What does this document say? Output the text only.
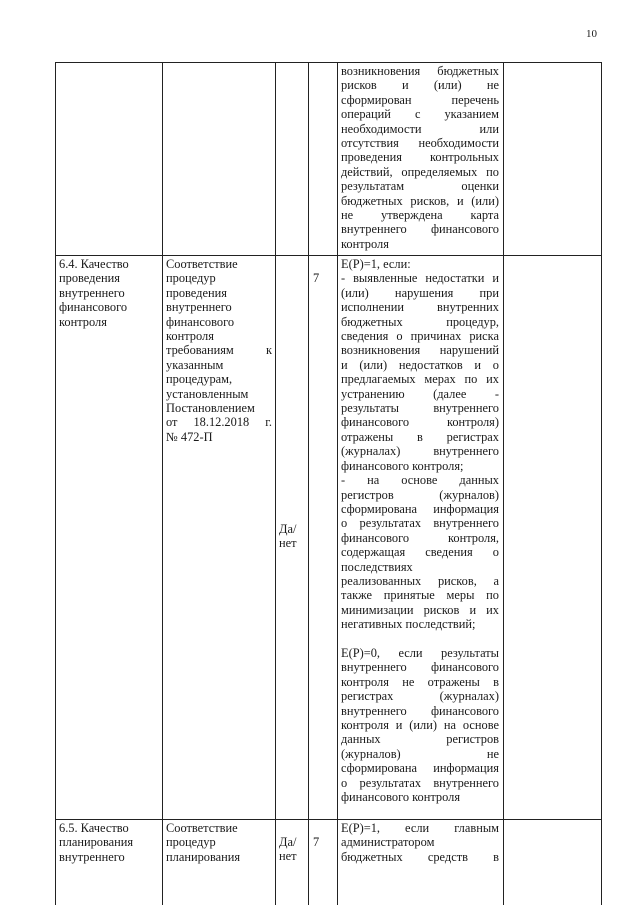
10
возникновения бюджетных
рисков и (или) не
сформирован перечень
операций с указанием
необходимости или
отсутствия необходимости
проведения контрольных
действий, определяемых по
результатам оценки
бюджетных рисков, и (или)
не утверждена карта
внутреннего финансового
контроля
6.4. Качество
проведения
внутреннего
финансового
контроля
Соответствие
процедур
проведения
внутреннего
финансового
контроля
требованиям к
указанным
процедурам,
установленным
Постановлением
от 18.12.2018 г.
№ 472-П
Да/
нет
7
E(P)=1, если:
- выявленные недостатки и
(или) нарушения при
исполнении внутренних
бюджетных процедур,
сведения о причинах риска
возникновения нарушений
и (или) недостатков и о
предлагаемых мерах по их
устранению (далее -
результаты внутреннего
финансового контроля)
отражены в регистрах
(журналах) внутреннего
финансового контроля;
- на основе данных
регистров (журналов)
сформирована информация
о результатах внутреннего
финансового контроля,
содержащая сведения о
последствиях
реализованных рисков, а
также принятые меры по
минимизации рисков и их
негативных последствий;

E(P)=0, если результаты
внутреннего финансового
контроля не отражены в
регистрах (журналах)
внутреннего финансового
контроля и (или) на основе
данных регистров
(журналов) не
сформирована информация
о результатах внутреннего
финансового контроля
6.5. Качество
планирования
внутреннего
Соответствие
процедур
планирования
Да/
нет
7
E(P)=1, если главным
администратором
бюджетных средств в
